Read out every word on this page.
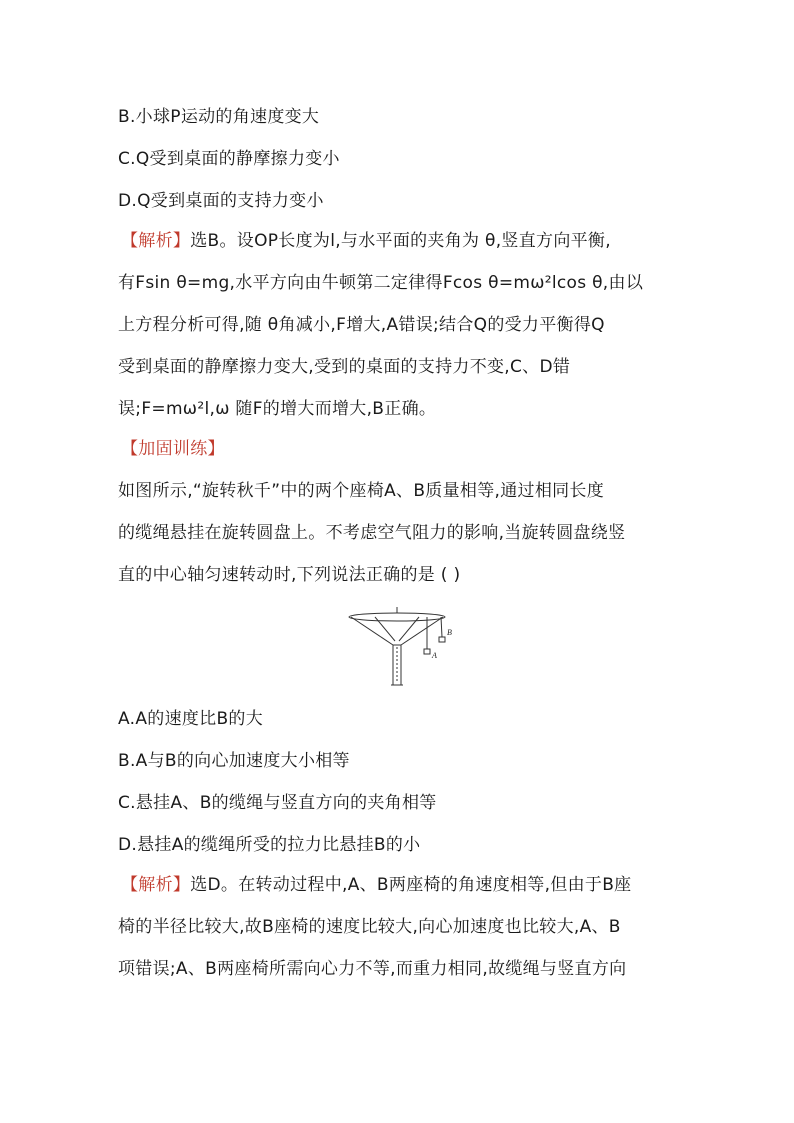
B.小球P运动的角速度变大
C.Q受到桌面的静摩擦力变小
D.Q受到桌面的支持力变小
【解析】选B。设OP长度为l,与水平面的夹角为 θ,竖直方向平衡,
有Fsin θ=mg,水平方向由牛顿第二定律得Fcos θ=mω²lcos θ,由以
上方程分析可得,随 θ角减小,F增大,A错误;结合Q的受力平衡得Q
受到桌面的静摩擦力变大,受到的桌面的支持力不变,C、D错
误;F=mω²l,ω 随F的增大而增大,B正确。
【加固训练】
如图所示,“旋转秋千”中的两个座椅A、B质量相等,通过相同长度
的缆绳悬挂在旋转圆盘上。不考虑空气阻力的影响,当旋转圆盘绕竖
直的中心轴匀速转动时,下列说法正确的是 ( )
A
B
A.A的速度比B的大
B.A与B的向心加速度大小相等
C.悬挂A、B的缆绳与竖直方向的夹角相等
D.悬挂A的缆绳所受的拉力比悬挂B的小
【解析】选D。在转动过程中,A、B两座椅的角速度相等,但由于B座
椅的半径比较大,故B座椅的速度比较大,向心加速度也比较大,A、B
项错误;A、B两座椅所需向心力不等,而重力相同,故缆绳与竖直方向
